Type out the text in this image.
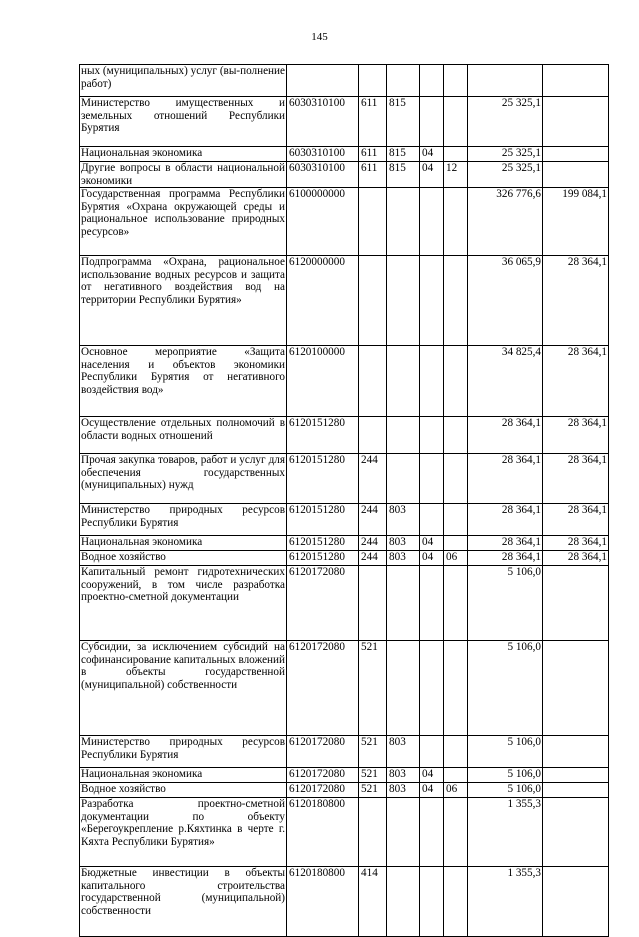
145
ных (муниципальных) услуг (вы-полнение работ)							
Министерство имущественных и земельных отношений Республики Бурятия	6030310100	611	815			25 325,1	
Национальная экономика	6030310100	611	815	04		25 325,1	
Другие вопросы в области национальной экономики	6030310100	611	815	04	12	25 325,1	
Государственная программа Республики Бурятия «Охрана окружающей среды и рациональное использование природных ресурсов»	6100000000					326 776,6	199 084,1
Подпрограмма «Охрана, рациональное использование водных ресурсов и защита от негативного воздействия вод на территории Республики Бурятия»	6120000000					36 065,9	28 364,1
Основное мероприятие «Защита населения и объектов экономики Республики Бурятия от негативного воздействия вод»	6120100000					34 825,4	28 364,1
Осуществление отдельных полномочий в области водных отношений	6120151280					28 364,1	28 364,1
Прочая закупка товаров, работ и услуг для обеспечения государственных (муниципальных) нужд	6120151280	244				28 364,1	28 364,1
Министерство природных ресурсов Республики Бурятия	6120151280	244	803			28 364,1	28 364,1
Национальная экономика	6120151280	244	803	04		28 364,1	28 364,1
Водное хозяйство	6120151280	244	803	04	06	28 364,1	28 364,1
Капитальный ремонт гидротехнических сооружений, в том числе разработка проектно-сметной документации	6120172080					5 106,0	
Субсидии, за исключением субсидий на софинансирование капитальных вложений в объекты государственной (муниципальной) собственности	6120172080	521				5 106,0	
Министерство природных ресурсов Республики Бурятия	6120172080	521	803			5 106,0	
Национальная экономика	6120172080	521	803	04		5 106,0	
Водное хозяйство	6120172080	521	803	04	06	5 106,0	
Разработка проектно-сметной документации по объекту «Берегоукрепление р.Кяхтинка в черте г. Кяхта Республики Бурятия»	6120180800					1 355,3	
Бюджетные инвестиции в объекты капитального строительства государственной (муниципальной) собственности	6120180800	414				1 355,3	
